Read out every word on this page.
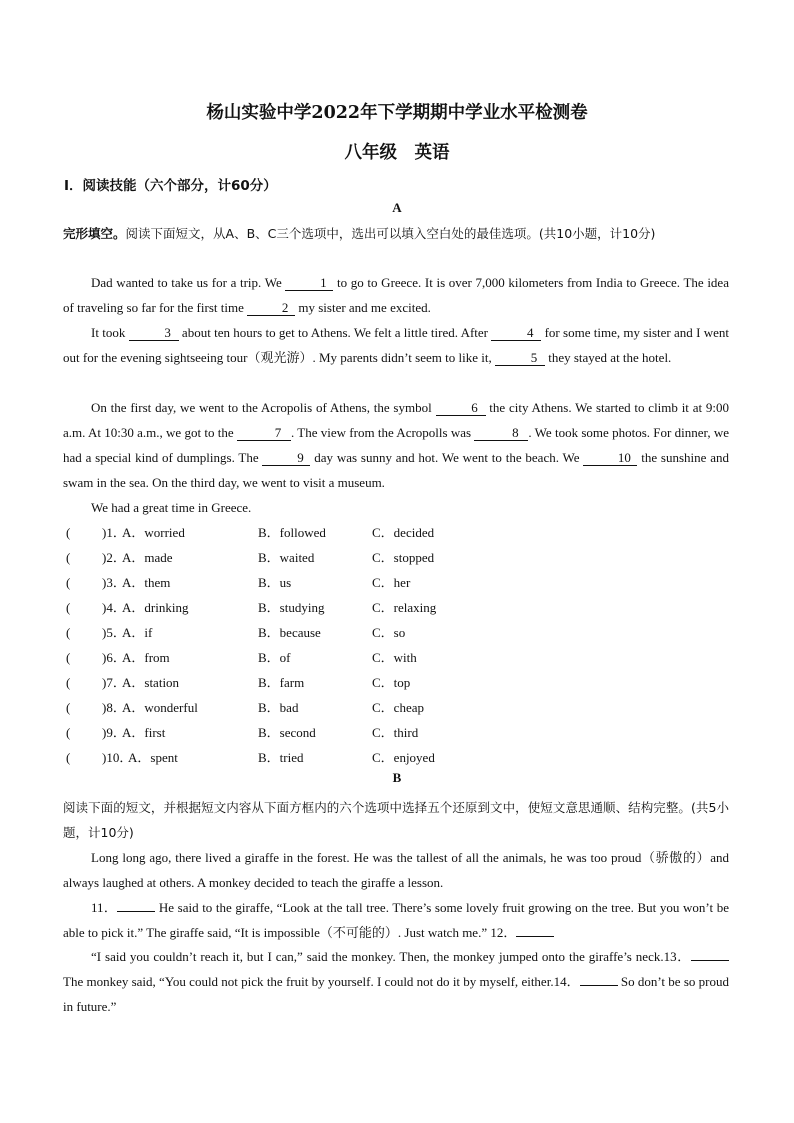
杨山实验中学2022年下学期期中学业水平检测卷
八年级　英语
Ⅰ．阅读技能（六个部分，计60分）
A
完形填空。阅读下面短文，从A、B、C三个选项中，选出可以填入空白处的最佳选项。(共10小题，计10分)
Dad wanted to take us for a trip. We	1 to go to Greece. It is over 7,000 kilometers from India to Greece. The idea of traveling so far for the first time	2 my sister and me excited.
It took	3 about ten hours to get to Athens. We felt a little tired. After	4 for some time, my sister and I went out for the evening sightseeing tour（观光游）. My parents didn’t seem to like it,	5 they stayed at the hotel.
On the first day, we went to the Acropolis of Athens, the symbol	6 the city Athens. We started to climb it at 9:00 a.m. At 10:30 a.m., we got to the	7 . The view from the Acropolls was	8 . We took some photos. For dinner, we had a special kind of dumplings. The	9 day was sunny and hot. We went to the beach. We	10 the sunshine and swam in the sea. On the third day, we went to visit a museum.
We had a great time in Greece.
( )1．
A．worried	B．followed	C．decided
( )2．
A．made	B．waited	C．stopped
( )3．
A．them	B．us	C．her
( )4．
A．drinking	B．studying	C．relaxing
( )5．
A．if	B．because	C．so
( )6．
A．from	B．of	C．with
( )7．
A．station	B．farm	C．top
( )8．
A．wonderful	B．bad	C．cheap
( )9．
A．first	B．second	C．third
( )10．
A．spent	B．tried	C．enjoyed
B
阅读下面的短文，并根据短文内容从下面方框内的六个选项中选择五个还原到文中，使短文意思通顺、结构完整。(共5小题，计10分)
Long long ago, there lived a giraffe in the forest. He was the tallest of all the animals, he was too proud（骄傲的）and always laughed at others. A monkey decided to teach the giraffe a lesson.
11．	He said to the giraffe, “Look at the tall tree. There’s some lovely fruit growing on the tree. But you won’t be able to pick it.” The giraffe said, “It is impossible（不可能的）. Just watch me.” 12．
“I said you couldn’t reach it, but I can,” said the monkey. Then, the monkey jumped onto the giraffe’s neck.13． The monkey said, “You could not pick the fruit by yourself. I could not do it by myself, either.14．	So don’t be so proud in future.”
